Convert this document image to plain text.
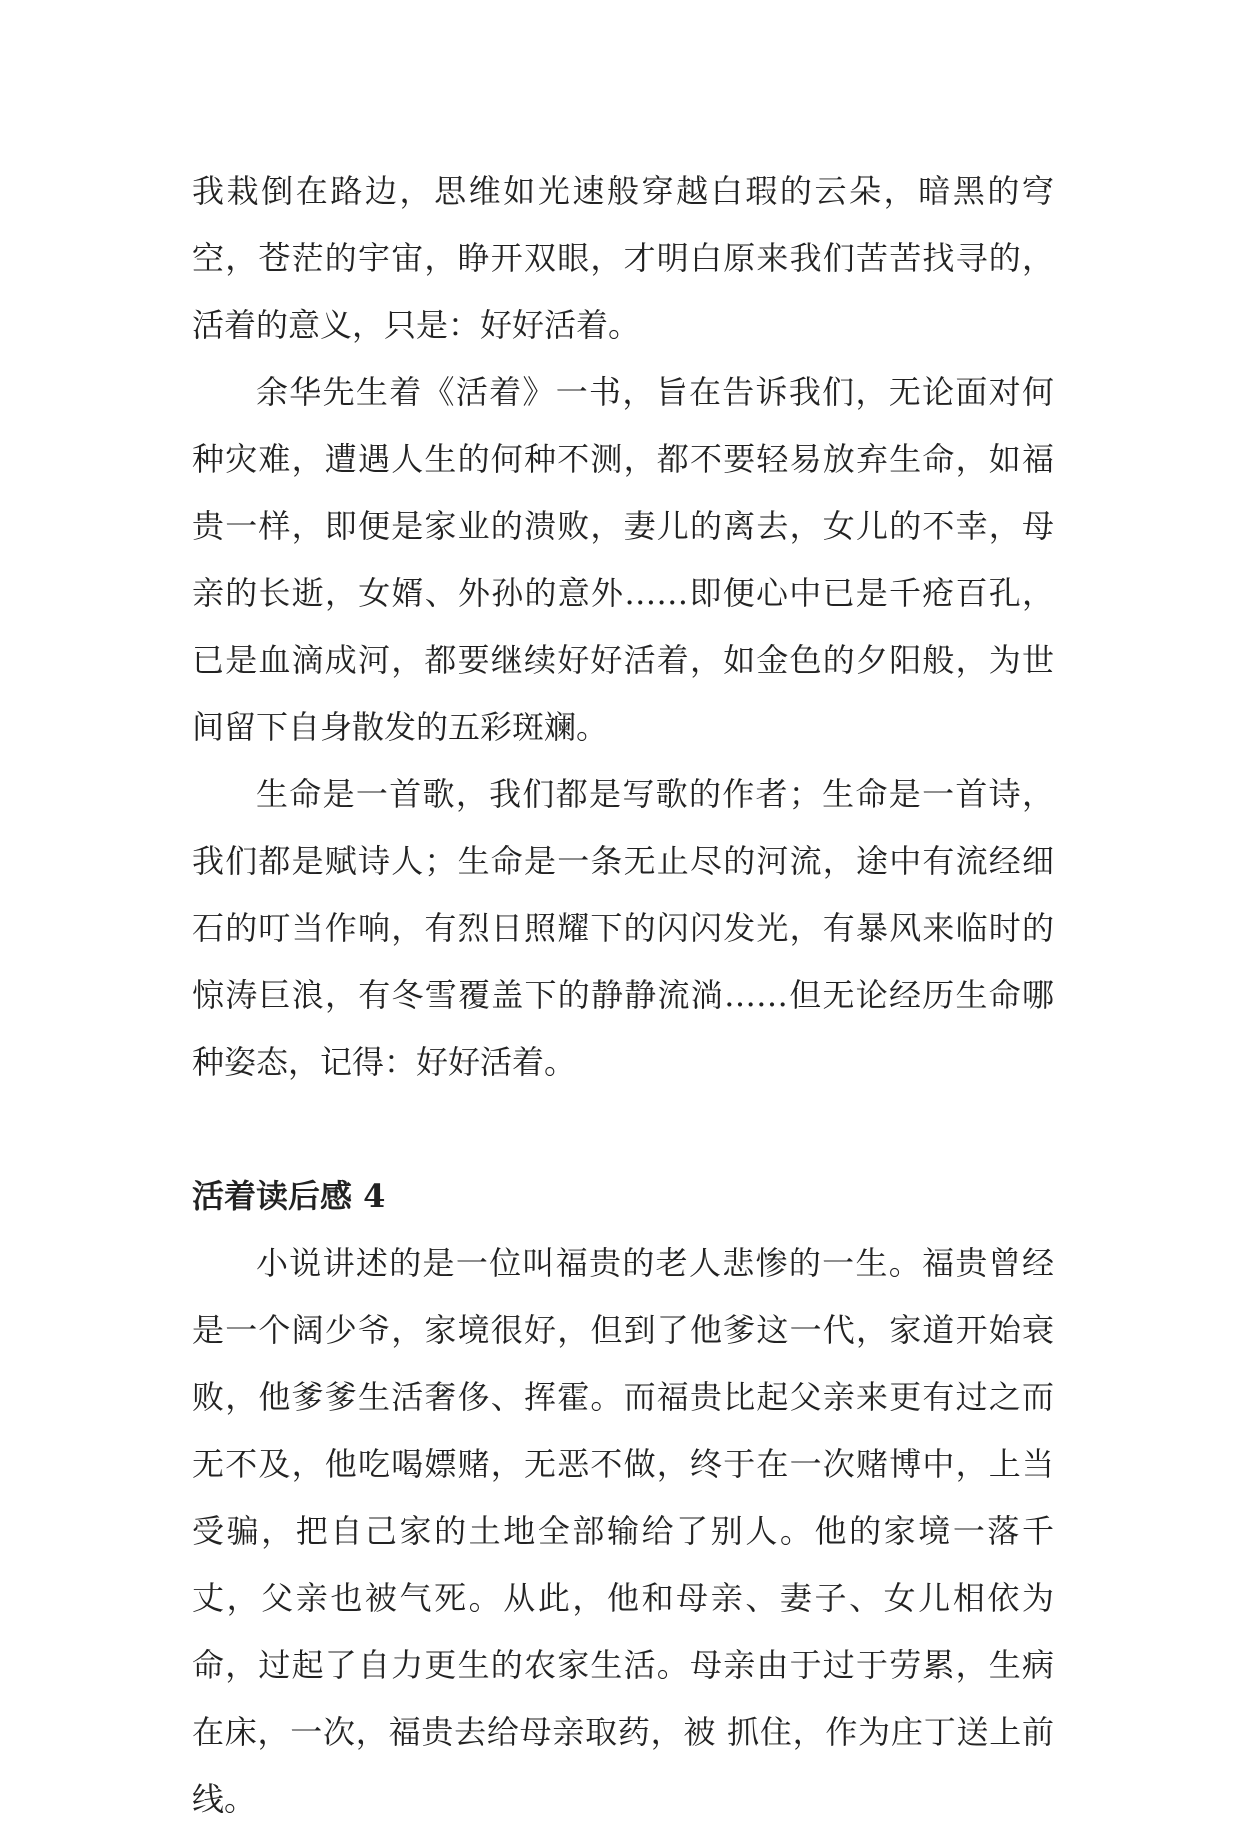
我栽倒在路边，思维如光速般穿越白瑕的云朵，暗黑的穹空，苍茫的宇宙，睁开双眼，才明白原来我们苦苦找寻的，活着的意义，只是：好好活着。

余华先生着《活着》一书，旨在告诉我们，无论面对何种灾难，遭遇人生的何种不测，都不要轻易放弃生命，如福贵一样，即便是家业的溃败，妻儿的离去，女儿的不幸，母亲的长逝，女婿、外孙的意外……即便心中已是千疮百孔，已是血滴成河，都要继续好好活着，如金色的夕阳般，为世间留下自身散发的五彩斑斓。

生命是一首歌，我们都是写歌的作者；生命是一首诗，我们都是赋诗人；生命是一条无止尽的河流，途中有流经细石的叮当作响，有烈日照耀下的闪闪发光，有暴风来临时的惊涛巨浪，有冬雪覆盖下的静静流淌……但无论经历生命哪种姿态，记得：好好活着。

活着读后感 4

小说讲述的是一位叫福贵的老人悲惨的一生。福贵曾经是一个阔少爷，家境很好，但到了他爹这一代，家道开始衰败，他爹爹生活奢侈、挥霍。而福贵比起父亲来更有过之而无不及，他吃喝嫖赌，无恶不做，终于在一次赌博中，上当受骗，把自己家的土地全部输给了别人。他的家境一落千丈，父亲也被气死。从此，他和母亲、妻子、女儿相依为命，过起了自力更生的农家生活。母亲由于过于劳累，生病在床，一次，福贵去给母亲取药，被 抓住，作为庄丁送上前线。
